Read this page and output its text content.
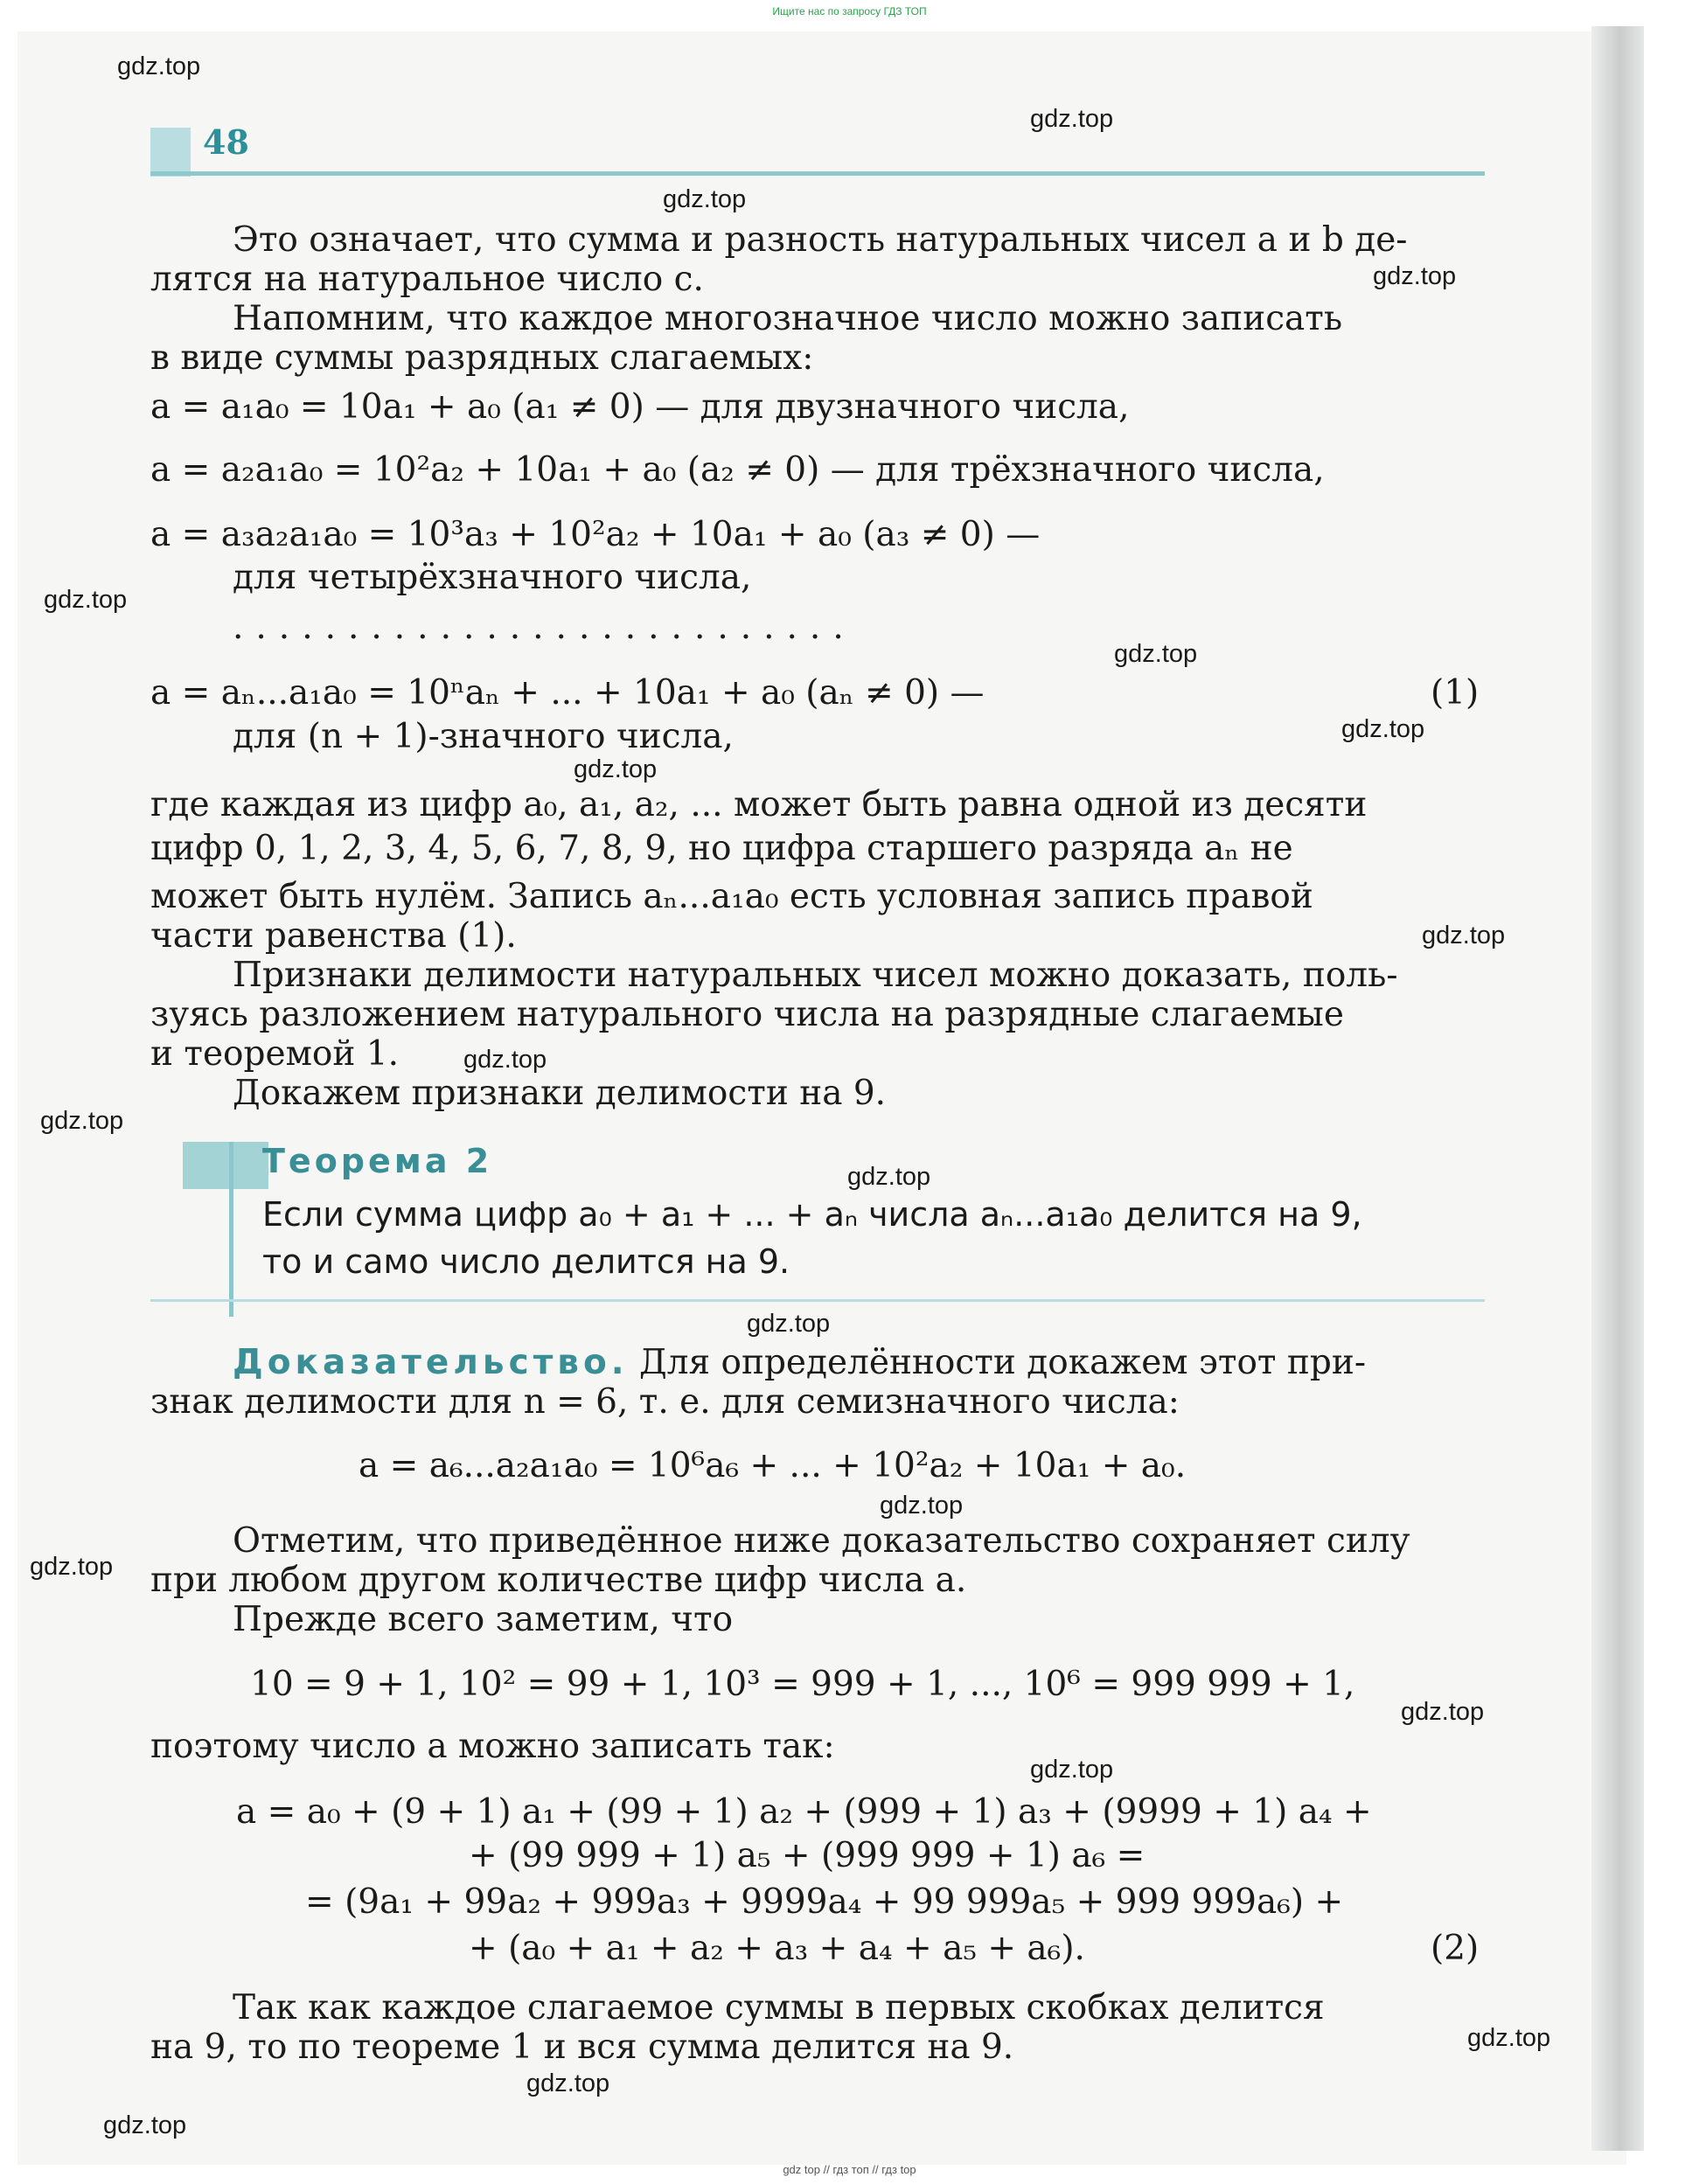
Ищите нас по запросу ГДЗ ТОП
gdz top // гдз топ // гдз top
48
Это означает, что сумма и разность натуральных чисел a и b де-
лятся на натуральное число c.
Напомним, что каждое многозначное число можно записать
в виде суммы разрядных слагаемых:
a = a₁a₀ = 10a₁ + a₀ (a₁ ≠ 0) — для двузначного числа,
a = a₂a₁a₀ = 10²a₂ + 10a₁ + a₀ (a₂ ≠ 0) — для трёхзначного числа,
a = a₃a₂a₁a₀ = 10³a₃ + 10²a₂ + 10a₁ + a₀ (a₃ ≠ 0) —
для четырёхзначного числа,
...........................
a = aₙ...a₁a₀ = 10ⁿaₙ + ... + 10a₁ + a₀ (aₙ ≠ 0) —	(1)
для (n + 1)-значного числа,
где каждая из цифр a₀, a₁, a₂, ... может быть равна одной из десяти
цифр 0, 1, 2, 3, 4, 5, 6, 7, 8, 9, но цифра старшего разряда aₙ не
может быть нулём. Запись aₙ...a₁a₀ есть условная запись правой
части равенства (1).
Признаки делимости натуральных чисел можно доказать, поль-
зуясь разложением натурального числа на разрядные слагаемые
и теоремой 1.
Докажем признаки делимости на 9.
Теорема 2
Если сумма цифр a₀ + a₁ + ... + aₙ числа aₙ...a₁a₀ делится на 9,
то и само число делится на 9.
Доказательство. Для определённости докажем этот при-
знак делимости для n = 6, т. е. для семизначного числа:
a = a₆...a₂a₁a₀ = 10⁶a₆ + ... + 10²a₂ + 10a₁ + a₀.
Отметим, что приведённое ниже доказательство сохраняет силу
при любом другом количестве цифр числа a.
Прежде всего заметим, что
10 = 9 + 1, 10² = 99 + 1, 10³ = 999 + 1, ..., 10⁶ = 999 999 + 1,
поэтому число a можно записать так:
a = a₀ + (9 + 1) a₁ + (99 + 1) a₂ + (999 + 1) a₃ + (9999 + 1) a₄ +
+ (99 999 + 1) a₅ + (999 999 + 1) a₆ =
= (9a₁ + 99a₂ + 999a₃ + 9999a₄ + 99 999a₅ + 999 999a₆) +
+ (a₀ + a₁ + a₂ + a₃ + a₄ + a₅ + a₆).	(2)
Так как каждое слагаемое суммы в первых скобках делится
на 9, то по теореме 1 и вся сумма делится на 9.
gdz.top
gdz.top
gdz.top
gdz.top
gdz.top
gdz.top
gdz.top
gdz.top
gdz.top
gdz.top
gdz.top
gdz.top
gdz.top
gdz.top
gdz.top
gdz.top
gdz.top
gdz.top
gdz.top
gdz.top
